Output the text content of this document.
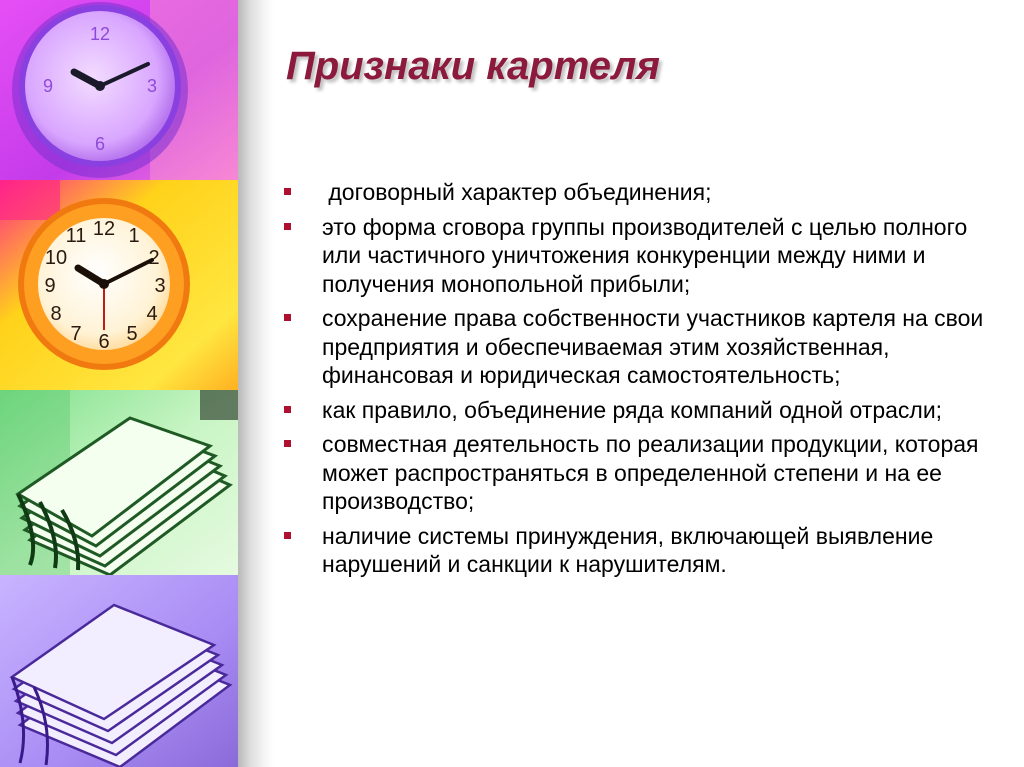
12
3
6
9
12 1
2
3
4
5
6
7
8
9
10
11
Признаки картеля
договорный характер объединения;
это форма сговора группы производителей с целью полного или частичного уничтожения конкуренции между ними и получения монопольной прибыли;
сохранение права собственности участников картеля на свои предприятия и обеспечиваемая этим хозяйственная, финансовая и юридическая самостоятельность;
как правило, объединение ряда компаний одной отрасли;
совместная деятельность по реализации продукции, которая может распространяться в определенной степени и на ее производство;
наличие системы принуждения, включающей выявление нарушений и санкции к нарушителям.
